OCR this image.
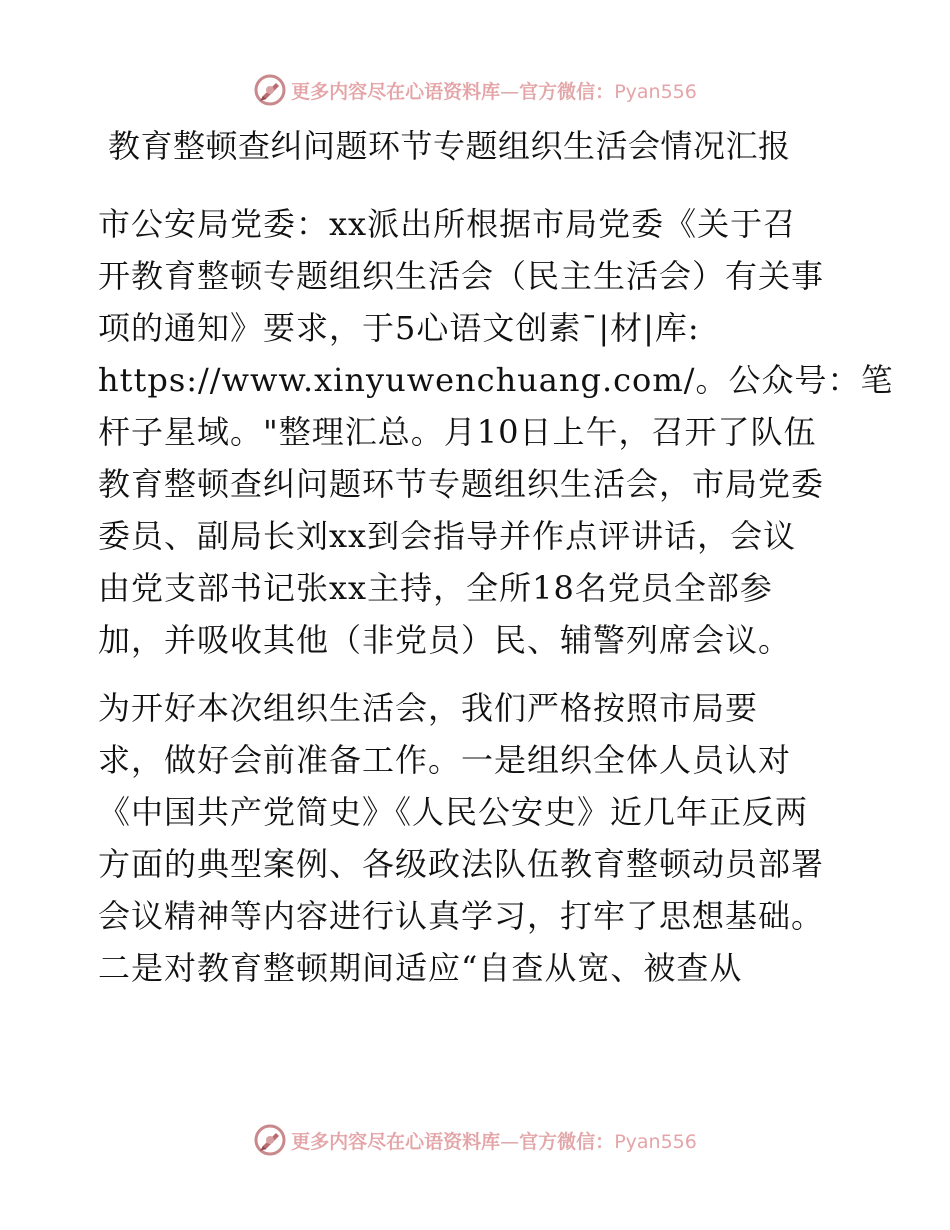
更多内容尽在心语资料库—官方微信：Pyan556
教育整顿查纠问题环节专题组织生活会情况汇报
市公安局党委：xx派出所根据市局党委《关于召
开教育整顿专题组织生活会（民主生活会）有关事
项的通知》要求，于5心语文创素¯|材|库:
https://www.xinyuwenchuang.com/。公众号：笔
杆子星域。"整理汇总。月10日上午，召开了队伍
教育整顿查纠问题环节专题组织生活会，市局党委
委员、副局长刘xx到会指导并作点评讲话，会议
由党支部书记张xx主持，全所18名党员全部参
加，并吸收其他（非党员）民、辅警列席会议。
为开好本次组织生活会，我们严格按照市局要
求，做好会前准备工作。一是组织全体人员认对
《中国共产党简史》《人民公安史》近几年正反两
方面的典型案例、各级政法队伍教育整顿动员部署
会议精神等内容进行认真学习，打牢了思想基础。
二是对教育整顿期间适应“自查从宽、被查从
更多内容尽在心语资料库—官方微信：Pyan556
